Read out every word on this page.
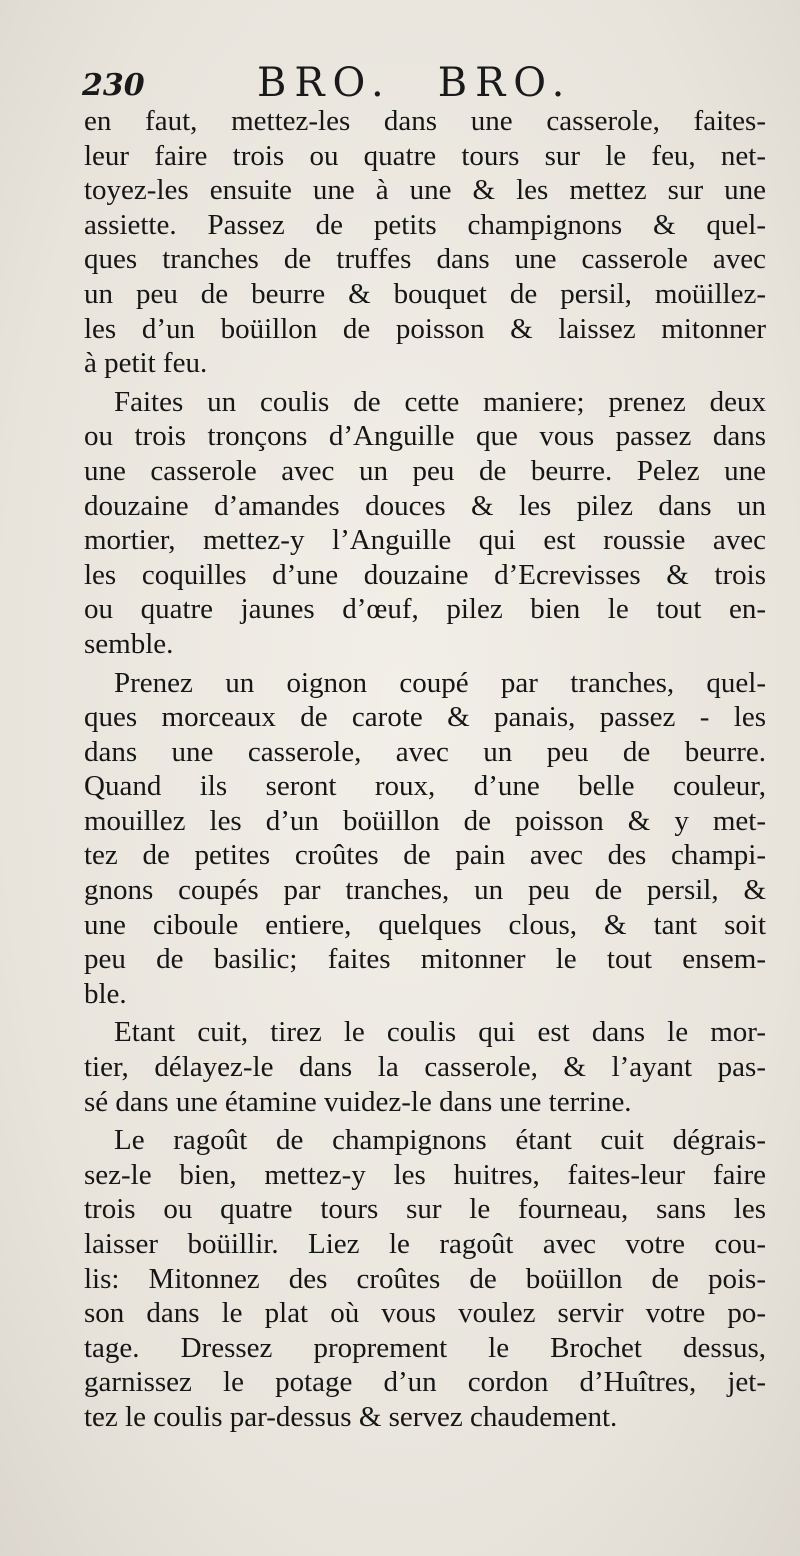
230	BRO. BRO.
en faut, mettez-les dans une casserole, faites-
leur faire trois ou quatre tours sur le feu, net-
toyez-les ensuite une à une & les mettez sur une
assiette. Passez de petits champignons & quel-
ques tranches de truffes dans une casserole avec
un peu de beurre & bouquet de persil, moüillez-
les d’un boüillon de poisson & laissez mitonner
à petit feu.
Faites un coulis de cette maniere; prenez deux
ou trois tronçons d’Anguille que vous passez dans
une casserole avec un peu de beurre. Pelez une
douzaine d’amandes douces & les pilez dans un
mortier, mettez-y l’Anguille qui est roussie avec
les coquilles d’une douzaine d’Ecrevisses & trois
ou quatre jaunes d’œuf, pilez bien le tout en-
semble.
Prenez un oignon coupé par tranches, quel-
ques morceaux de carote & panais, passez - les
dans une casserole, avec un peu de beurre.
Quand ils seront roux, d’une belle couleur,
mouillez les d’un boüillon de poisson & y met-
tez de petites croûtes de pain avec des champi-
gnons coupés par tranches, un peu de persil, &
une ciboule entiere, quelques clous, & tant soit
peu de basilic; faites mitonner le tout ensem-
ble.
Etant cuit, tirez le coulis qui est dans le mor-
tier, délayez-le dans la casserole, & l’ayant pas-
sé dans une étamine vuidez-le dans une terrine.
Le ragoût de champignons étant cuit dégrais-
sez-le bien, mettez-y les huitres, faites-leur faire
trois ou quatre tours sur le fourneau, sans les
laisser boüillir. Liez le ragoût avec votre cou-
lis: Mitonnez des croûtes de boüillon de pois-
son dans le plat où vous voulez servir votre po-
tage. Dressez proprement le Brochet dessus,
garnissez le potage d’un cordon d’Huîtres, jet-
tez le coulis par-dessus & servez chaudement.
